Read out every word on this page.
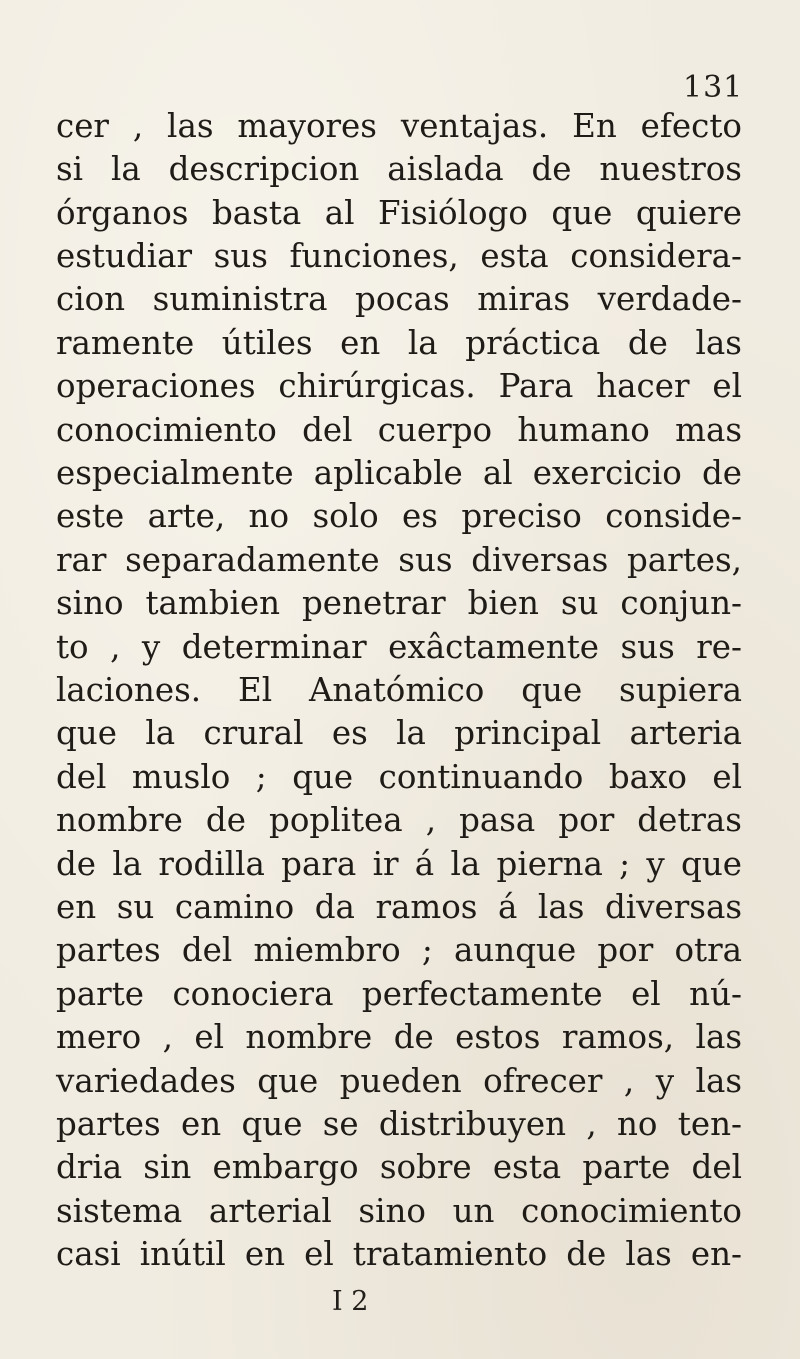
131
cer , las mayores ventajas. En efecto
si la descripcion aislada de nuestros
órganos basta al Fisiólogo que quiere
estudiar sus funciones, esta considera-
cion suministra pocas miras verdade-
ramente útiles en la práctica de las
operaciones chirúrgicas. Para hacer el
conocimiento del cuerpo humano mas
especialmente aplicable al exercicio de
este arte, no solo es preciso conside-
rar separadamente sus diversas partes,
sino tambien penetrar bien su conjun-
to , y determinar exâctamente sus re-
laciones. El Anatómico que supiera
que la crural es la principal arteria
del muslo ; que continuando baxo el
nombre de poplitea , pasa por detras
de la rodilla para ir á la pierna ; y que
en su camino da ramos á las diversas
partes del miembro ; aunque por otra
parte conociera perfectamente el nú-
mero , el nombre de estos ramos, las
variedades que pueden ofrecer , y las
partes en que se distribuyen , no ten-
dria sin embargo sobre esta parte del
sistema arterial sino un conocimiento
casi inútil en el tratamiento de las en-
I 2
